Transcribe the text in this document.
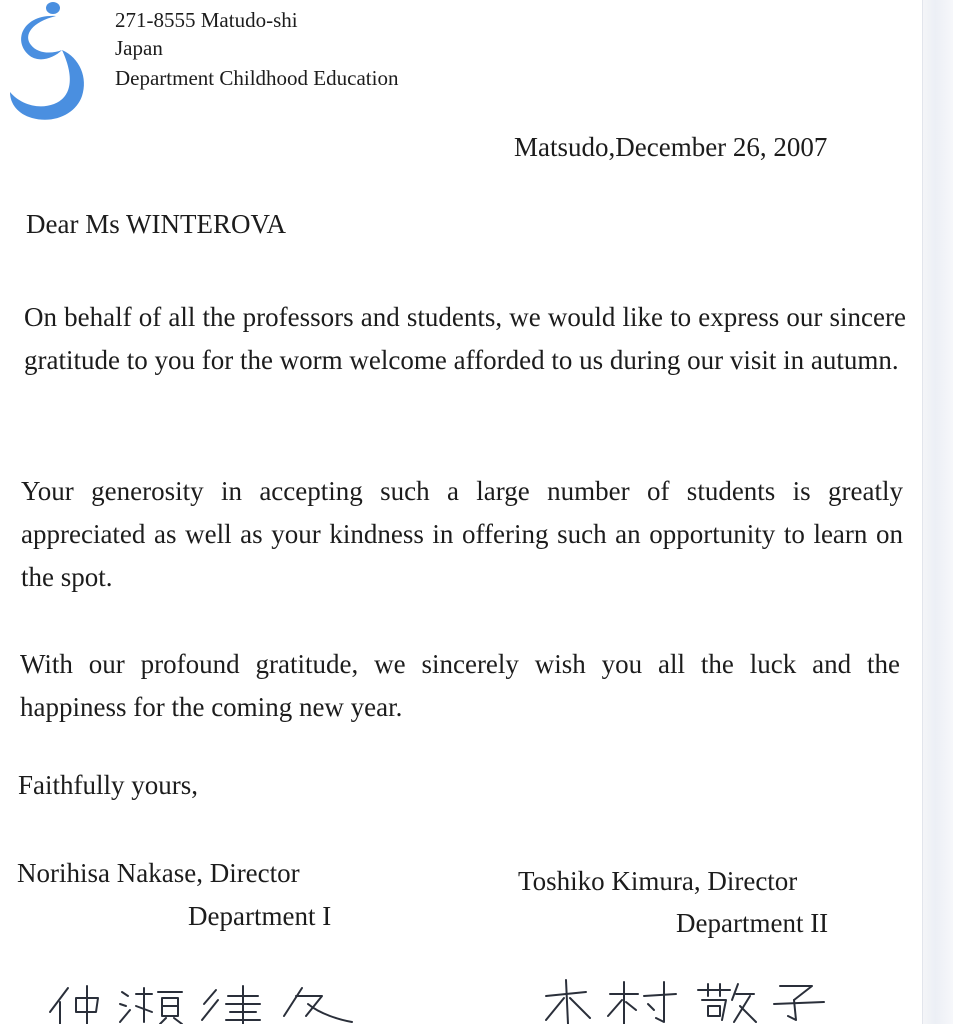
271-8555 Matudo-shi
Japan
Department Childhood Education
Matsudo,December 26, 2007
Dear Ms WINTEROVA

On behalf of all the professors and students, we would like to express our sincere gratitude to you for the worm welcome afforded to us during our visit in autumn.

Your generosity in accepting such a large number of students is greatly appreciated as well as your kindness in offering such an opportunity to learn on the spot.

With our profound gratitude, we sincerely wish you all the luck and the happiness for the coming new year.

Faithfully yours,
Norihisa Nakase, Director
Department I
Toshiko Kimura, Director
Department II
